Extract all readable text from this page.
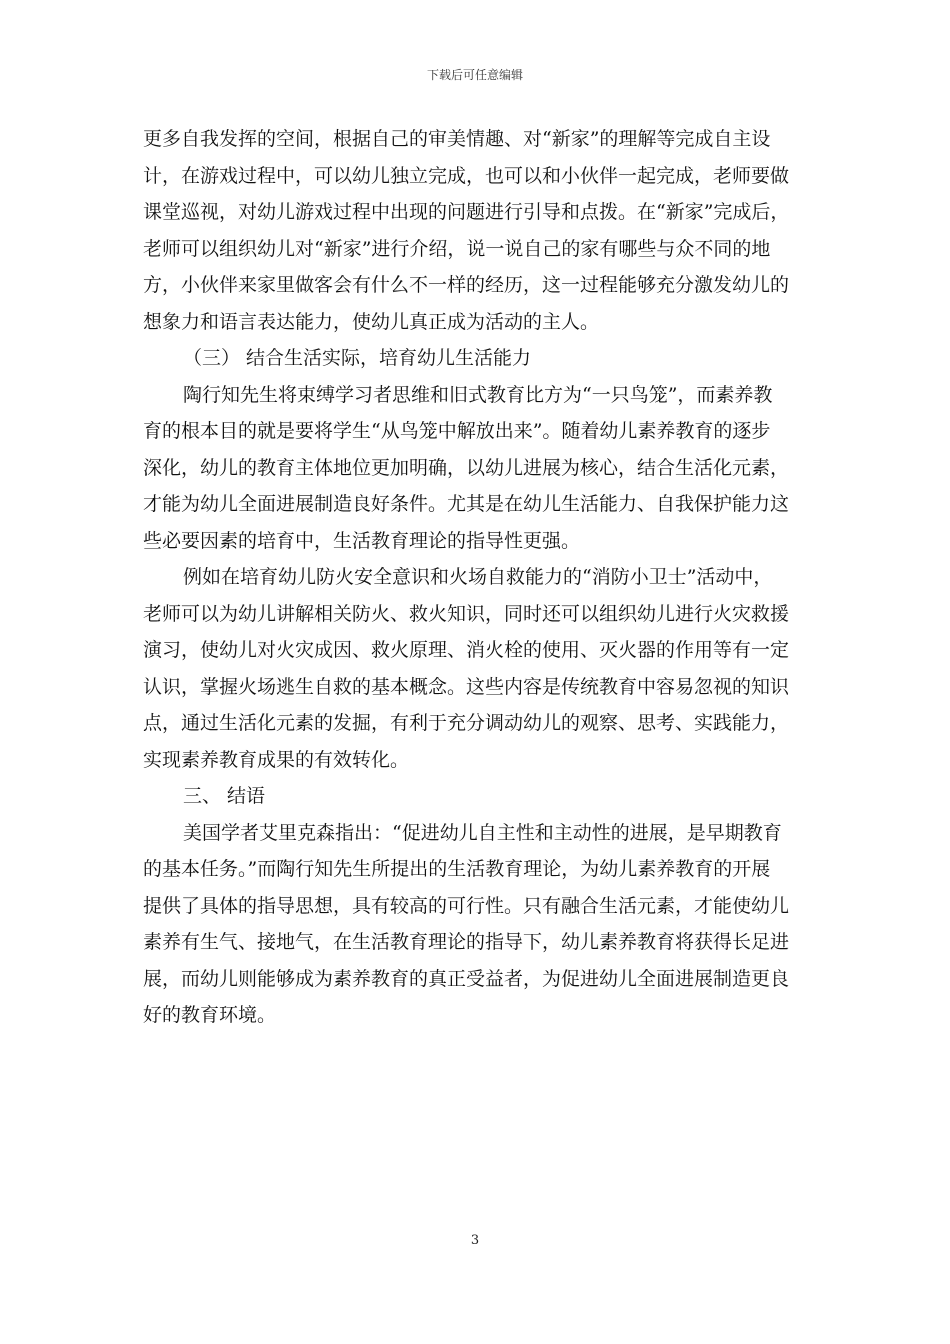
下载后可任意编辑

更多自我发挥的空间，根据自己的审美情趣、对“新家”的理解等完成自主设
计，在游戏过程中，可以幼儿独立完成，也可以和小伙伴一起完成，老师要做
课堂巡视，对幼儿游戏过程中出现的问题进行引导和点拨。在“新家”完成后，
老师可以组织幼儿对“新家”进行介绍，说一说自己的家有哪些与众不同的地
方，小伙伴来家里做客会有什么不一样的经历，这一过程能够充分激发幼儿的
想象力和语言表达能力，使幼儿真正成为活动的主人。

（三） 结合生活实际，培育幼儿生活能力

陶行知先生将束缚学习者思维和旧式教育比方为“一只鸟笼”，而素养教
育的根本目的就是要将学生“从鸟笼中解放出来”。随着幼儿素养教育的逐步
深化，幼儿的教育主体地位更加明确，以幼儿进展为核心，结合生活化元素，
才能为幼儿全面进展制造良好条件。尤其是在幼儿生活能力、自我保护能力这
些必要因素的培育中，生活教育理论的指导性更强。

例如在培育幼儿防火安全意识和火场自救能力的“消防小卫士”活动中，
老师可以为幼儿讲解相关防火、救火知识，同时还可以组织幼儿进行火灾救援
演习，使幼儿对火灾成因、救火原理、消火栓的使用、灭火器的作用等有一定
认识，掌握火场逃生自救的基本概念。这些内容是传统教育中容易忽视的知识
点，通过生活化元素的发掘，有利于充分调动幼儿的观察、思考、实践能力，
实现素养教育成果的有效转化。

三、 结语

美国学者艾里克森指出：“促进幼儿自主性和主动性的进展，是早期教育
的基本任务。”而陶行知先生所提出的生活教育理论，为幼儿素养教育的开展
提供了具体的指导思想，具有较高的可行性。只有融合生活元素，才能使幼儿
素养有生气、接地气，在生活教育理论的指导下，幼儿素养教育将获得长足进
展，而幼儿则能够成为素养教育的真正受益者，为促进幼儿全面进展制造更良
好的教育环境。

3
